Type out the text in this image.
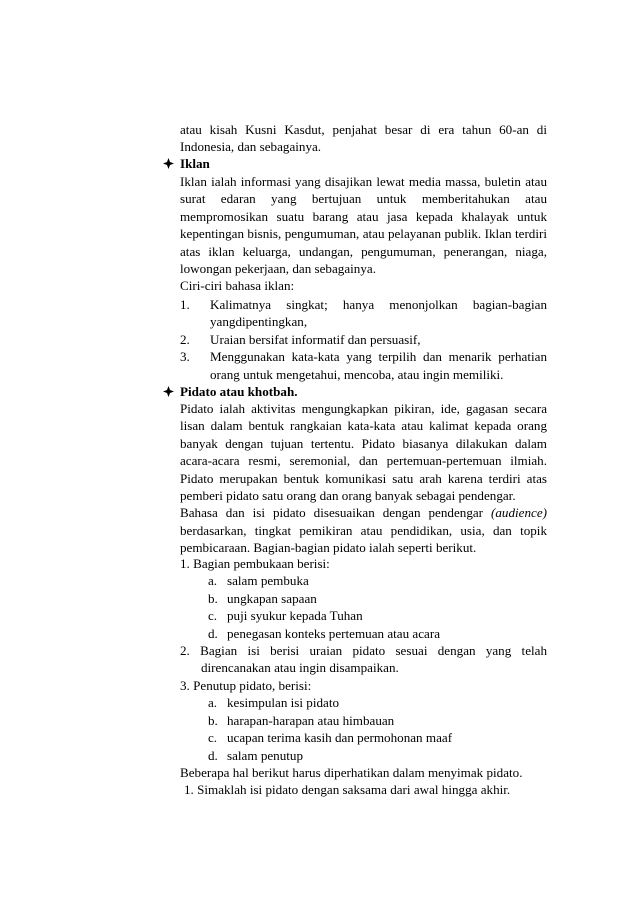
atau kisah Kusni Kasdut, penjahat besar di era tahun 60-an di
Indonesia, dan sebagainya.
Iklan
Iklan ialah informasi yang disajikan lewat media massa, buletin atau
surat edaran yang bertujuan untuk memberitahukan atau
mempromosikan suatu barang atau jasa kepada khalayak untuk
kepentingan bisnis, pengumuman, atau pelayanan publik. Iklan terdiri
atas iklan keluarga, undangan, pengumuman, penerangan, niaga,
lowongan pekerjaan, dan sebagainya.
Ciri-ciri bahasa iklan:
1.	Kalimatnya singkat; hanya menonjolkan bagian-bagian
yangdipentingkan,
2.	Uraian bersifat informatif dan persuasif,
3.	Menggunakan kata-kata yang terpilih dan menarik perhatian
orang untuk mengetahui, mencoba, atau ingin memiliki.
Pidato atau khotbah.
Pidato ialah aktivitas mengungkapkan pikiran, ide, gagasan secara
lisan dalam bentuk rangkaian kata-kata atau kalimat kepada orang
banyak dengan tujuan tertentu. Pidato biasanya dilakukan dalam
acara-acara resmi, seremonial, dan pertemuan-pertemuan ilmiah.
Pidato merupakan bentuk komunikasi satu arah karena terdiri atas
pemberi pidato satu orang dan orang banyak sebagai pendengar.
Bahasa dan isi pidato disesuaikan dengan pendengar (audience)
berdasarkan, tingkat pemikiran atau pendidikan, usia, dan topik
pembicaraan. Bagian-bagian pidato ialah seperti berikut.
1. Bagian pembukaan berisi:
a. salam pembuka
b. ungkapan sapaan
c. puji syukur kepada Tuhan
d. penegasan konteks pertemuan atau acara
2. Bagian isi berisi uraian pidato sesuai dengan yang telah
direncanakan atau ingin disampaikan.
3. Penutup pidato, berisi:
a. kesimpulan isi pidato
b. harapan-harapan atau himbauan
c. ucapan terima kasih dan permohonan maaf
d. salam penutup
Beberapa hal berikut harus diperhatikan dalam menyimak pidato.
1. Simaklah isi pidato dengan saksama dari awal hingga akhir.
